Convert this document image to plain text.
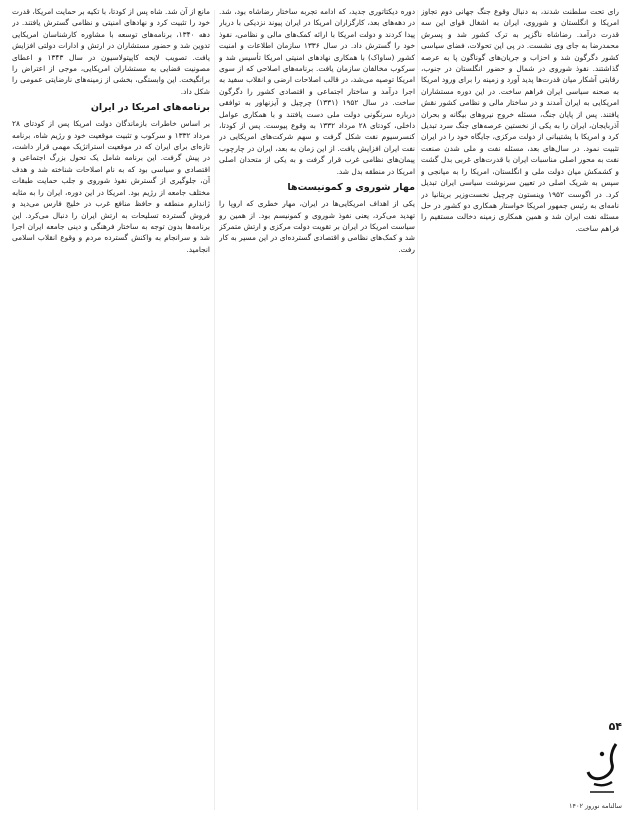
رای تحت سلطنت شدند، به دنبال وقوع جنگ جهانی دوم تجاوز امریکا و انگلستان و شوروی، ایران به اشغال قوای این سه قدرت درآمد. رضاشاه ناگزیر به ترک کشور شد و پسرش محمدرضا به جای وی نشست. در پی این تحولات، فضای سیاسی کشور دگرگون شد و احزاب و جریان‌های گوناگون پا به عرصه گذاشتند. نفوذ شوروی در شمال و حضور انگلستان در جنوب، رقابتی آشکار میان قدرت‌ها پدید آورد و زمینه را برای ورود امریکا به صحنه سیاسی ایران فراهم ساخت. در این دوره مستشاران امریکایی به ایران آمدند و در ساختار مالی و نظامی کشور نقش یافتند. پس از پایان جنگ، مسئله خروج نیروهای بیگانه و بحران آذربایجان، ایران را به یکی از نخستین عرصه‌های جنگ سرد تبدیل کرد و امریکا با پشتیبانی از دولت مرکزی، جایگاه خود را در ایران تثبیت نمود. در سال‌های بعد، مسئله نفت و ملی شدن صنعت نفت به محور اصلی مناسبات ایران با قدرت‌های غربی بدل گشت و کشمکش میان دولت ملی و انگلستان، امریکا را به میانجی و سپس به شریک اصلی در تعیین سرنوشت سیاسی ایران تبدیل کرد. در اگوست ۱۹۵۲ وینستون چرچیل نخست‌وزیر بریتانیا در نامه‌ای به رئیس جمهور امریکا خواستار همکاری دو کشور در حل مسئله نفت ایران شد و همین همکاری زمینه دخالت مستقیم را فراهم ساخت.

دوره دیکتاتوری جدید، که ادامه تجربه ساختار رضاشاه بود، شد. در دهه‌های بعد، کارگزاران امریکا در ایران پیوند نزدیکی با دربار پیدا کردند و دولت امریکا با ارائه کمک‌های مالی و نظامی، نفوذ خود را گسترش داد. در سال ۱۳۳۶ سازمان اطلاعات و امنیت کشور (ساواک) با همکاری نهادهای امنیتی امریکا تأسیس شد و سرکوب مخالفان سازمان یافت. برنامه‌های اصلاحی که از سوی امریکا توصیه می‌شد، در قالب اصلاحات ارضی و انقلاب سفید به اجرا درآمد و ساختار اجتماعی و اقتصادی کشور را دگرگون ساخت. در سال ۱۹۵۲ (۱۳۳۱) چرچیل و آیزنهاور به توافقی درباره سرنگونی دولت ملی دست یافتند و با همکاری عوامل داخلی، کودتای ۲۸ مرداد ۱۳۳۲ به وقوع پیوست. پس از کودتا، کنسرسیوم نفت شکل گرفت و سهم شرکت‌های امریکایی در نفت ایران افزایش یافت. از این زمان به بعد، ایران در چارچوب پیمان‌های نظامی غرب قرار گرفت و به یکی از متحدان اصلی امریکا در منطقه بدل شد.

مهار شوروی و کمونیست‌ها

یکی از اهداف امریکایی‌ها در ایران، مهار خطری که اروپا را تهدید می‌کرد، یعنی نفوذ شوروی و کمونیسم بود. از همین رو سیاست امریکا در ایران بر تقویت دولت مرکزی و ارتش متمرکز شد و کمک‌های نظامی و اقتصادی گسترده‌ای در این مسیر به کار رفت.

مانع از آن شد. شاه پس از کودتا، با تکیه بر حمایت امریکا، قدرت خود را تثبیت کرد و نهادهای امنیتی و نظامی گسترش یافتند. در دهه ۱۳۴۰، برنامه‌های توسعه با مشاوره کارشناسان امریکایی تدوین شد و حضور مستشاران در ارتش و ادارات دولتی افزایش یافت. تصویب لایحه کاپیتولاسیون در سال ۱۳۴۳ و اعطای مصونیت قضایی به مستشاران امریکایی، موجی از اعتراض را برانگیخت. این وابستگی، بخشی از زمینه‌های نارضایتی عمومی را شکل داد.

برنامه‌های امریکا در ایران

بر اساس خاطرات بازماندگان دولت امریکا پس از کودتای ۲۸ مرداد ۱۳۳۲ و سرکوب و تثبیت موقعیت خود و رژیم شاه، برنامه تازه‌ای برای ایران که در موقعیت استراتژیک مهمی قرار داشت، در پیش گرفت. این برنامه شامل یک تحول بزرگ اجتماعی و اقتصادی و سیاسی بود که به نام اصلاحات شناخته شد و هدف آن، جلوگیری از گسترش نفوذ شوروی و جلب حمایت طبقات مختلف جامعه از رژیم بود. امریکا در این دوره، ایران را به مثابه ژاندارم منطقه و حافظ منافع غرب در خلیج فارس می‌دید و فروش گسترده تسلیحات به ارتش ایران را دنبال می‌کرد. این برنامه‌ها بدون توجه به ساختار فرهنگی و دینی جامعه ایران اجرا شد و سرانجام به واکنش گسترده مردم و وقوع انقلاب اسلامی انجامید.

۵۴
سالنامه نوروز ۱۴۰۲
